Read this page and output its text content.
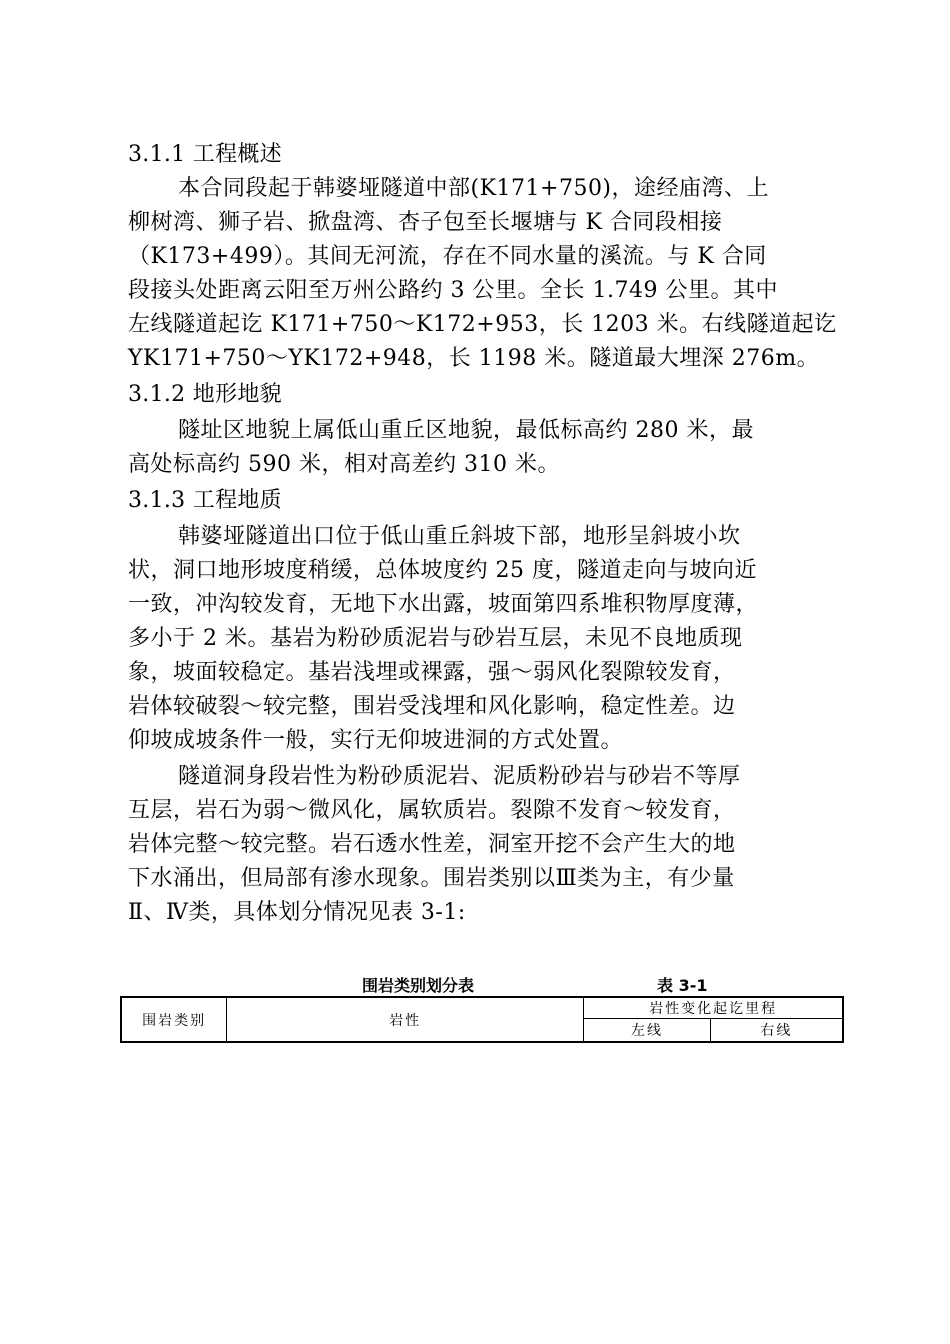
3.1.1 工程概述
本合同段起于韩婆垭隧道中部(K171+750)，途经庙湾、上
柳树湾、狮子岩、掀盘湾、杏子包至长堰塘与 K 合同段相接
（K173+499）。其间无河流，存在不同水量的溪流。与 K 合同
段接头处距离云阳至万州公路约 3 公里。全长 1.749 公里。其中
左线隧道起讫 K171+750～K172+953，长 1203 米。右线隧道起讫
YK171+750～YK172+948，长 1198 米。隧道最大埋深 276m。
3.1.2 地形地貌
隧址区地貌上属低山重丘区地貌，最低标高约 280 米，最
高处标高约 590 米，相对高差约 310 米。
3.1.3 工程地质
韩婆垭隧道出口位于低山重丘斜坡下部，地形呈斜坡小坎
状，洞口地形坡度稍缓，总体坡度约 25 度，隧道走向与坡向近
一致，冲沟较发育，无地下水出露，坡面第四系堆积物厚度薄，
多小于 2 米。基岩为粉砂质泥岩与砂岩互层，未见不良地质现
象，坡面较稳定。基岩浅埋或裸露，强～弱风化裂隙较发育，
岩体较破裂～较完整，围岩受浅埋和风化影响，稳定性差。边
仰坡成坡条件一般，实行无仰坡进洞的方式处置。
隧道洞身段岩性为粉砂质泥岩、泥质粉砂岩与砂岩不等厚
互层，岩石为弱～微风化，属软质岩。裂隙不发育～较发育，
岩体完整～较完整。岩石透水性差，洞室开挖不会产生大的地
下水涌出，但局部有渗水现象。围岩类别以Ⅲ类为主，有少量
Ⅱ、Ⅳ类，具体划分情况见表 3-1:
围岩类别划分表	表 3-1
围岩类别	岩性	岩性变化起讫里程	
		左线	右线
